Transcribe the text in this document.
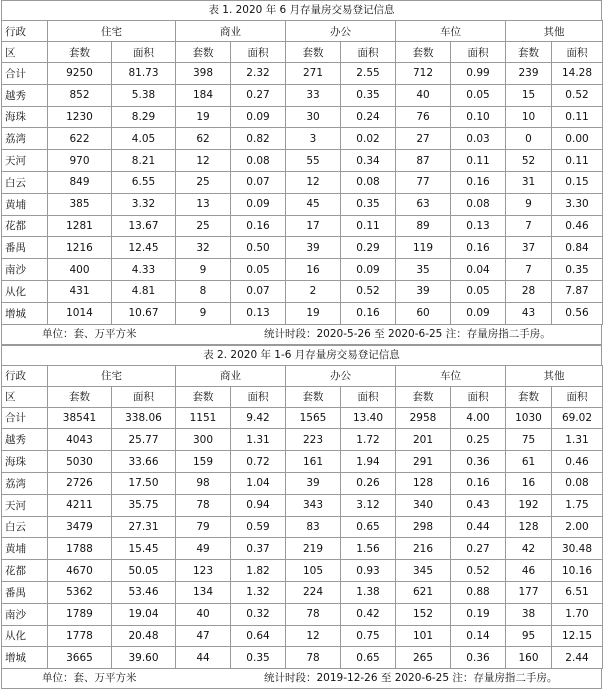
表 1. 2020 年 6 月存量房交易登记信息
行政	住宅		商业		办公		车位		其他	
区	套数	面积	套数	面积	套数	面积	套数	面积	套数	面积
合计	9250	81.73	398	2.32	271	2.55	712	0.99	239	14.28
越秀	852	5.38	184	0.27	33	0.35	40	0.05	15	0.52
海珠	1230	8.29	19	0.09	30	0.24	76	0.10	10	0.11
荔湾	622	4.05	62	0.82	3	0.02	27	0.03	0	0.00
天河	970	8.21	12	0.08	55	0.34	87	0.11	52	0.11
白云	849	6.55	25	0.07	12	0.08	77	0.16	31	0.15
黄埔	385	3.32	13	0.09	45	0.35	63	0.08	9	3.30
花都	1281	13.67	25	0.16	17	0.11	89	0.13	7	0.46
番禺	1216	12.45	32	0.50	39	0.29	119	0.16	37	0.84
南沙	400	4.33	9	0.05	16	0.09	35	0.04	7	0.35
从化	431	4.81	8	0.07	2	0.52	39	0.05	28	7.87
增城	1014	10.67	9	0.13	19	0.16	60	0.09	43	0.56
单位：套、万平方米	统计时段：2020-5-26 至 2020-6-25 注：存量房指二手房。
表 2. 2020 年 1-6 月存量房交易登记信息
行政	住宅		商业		办公		车位		其他	
区	套数	面积	套数	面积	套数	面积	套数	面积	套数	面积
合计	38541	338.06	1151	9.42	1565	13.40	2958	4.00	1030	69.02
越秀	4043	25.77	300	1.31	223	1.72	201	0.25	75	1.31
海珠	5030	33.66	159	0.72	161	1.94	291	0.36	61	0.46
荔湾	2726	17.50	98	1.04	39	0.26	128	0.16	16	0.08
天河	4211	35.75	78	0.94	343	3.12	340	0.43	192	1.75
白云	3479	27.31	79	0.59	83	0.65	298	0.44	128	2.00
黄埔	1788	15.45	49	0.37	219	1.56	216	0.27	42	30.48
花都	4670	50.05	123	1.82	105	0.93	345	0.52	46	10.16
番禺	5362	53.46	134	1.32	224	1.38	621	0.88	177	6.51
南沙	1789	19.04	40	0.32	78	0.42	152	0.19	38	1.70
从化	1778	20.48	47	0.64	12	0.75	101	0.14	95	12.15
增城	3665	39.60	44	0.35	78	0.65	265	0.36	160	2.44
单位：套、万平方米	统计时段：2019-12-26 至 2020-6-25 注：存量房指二手房。
